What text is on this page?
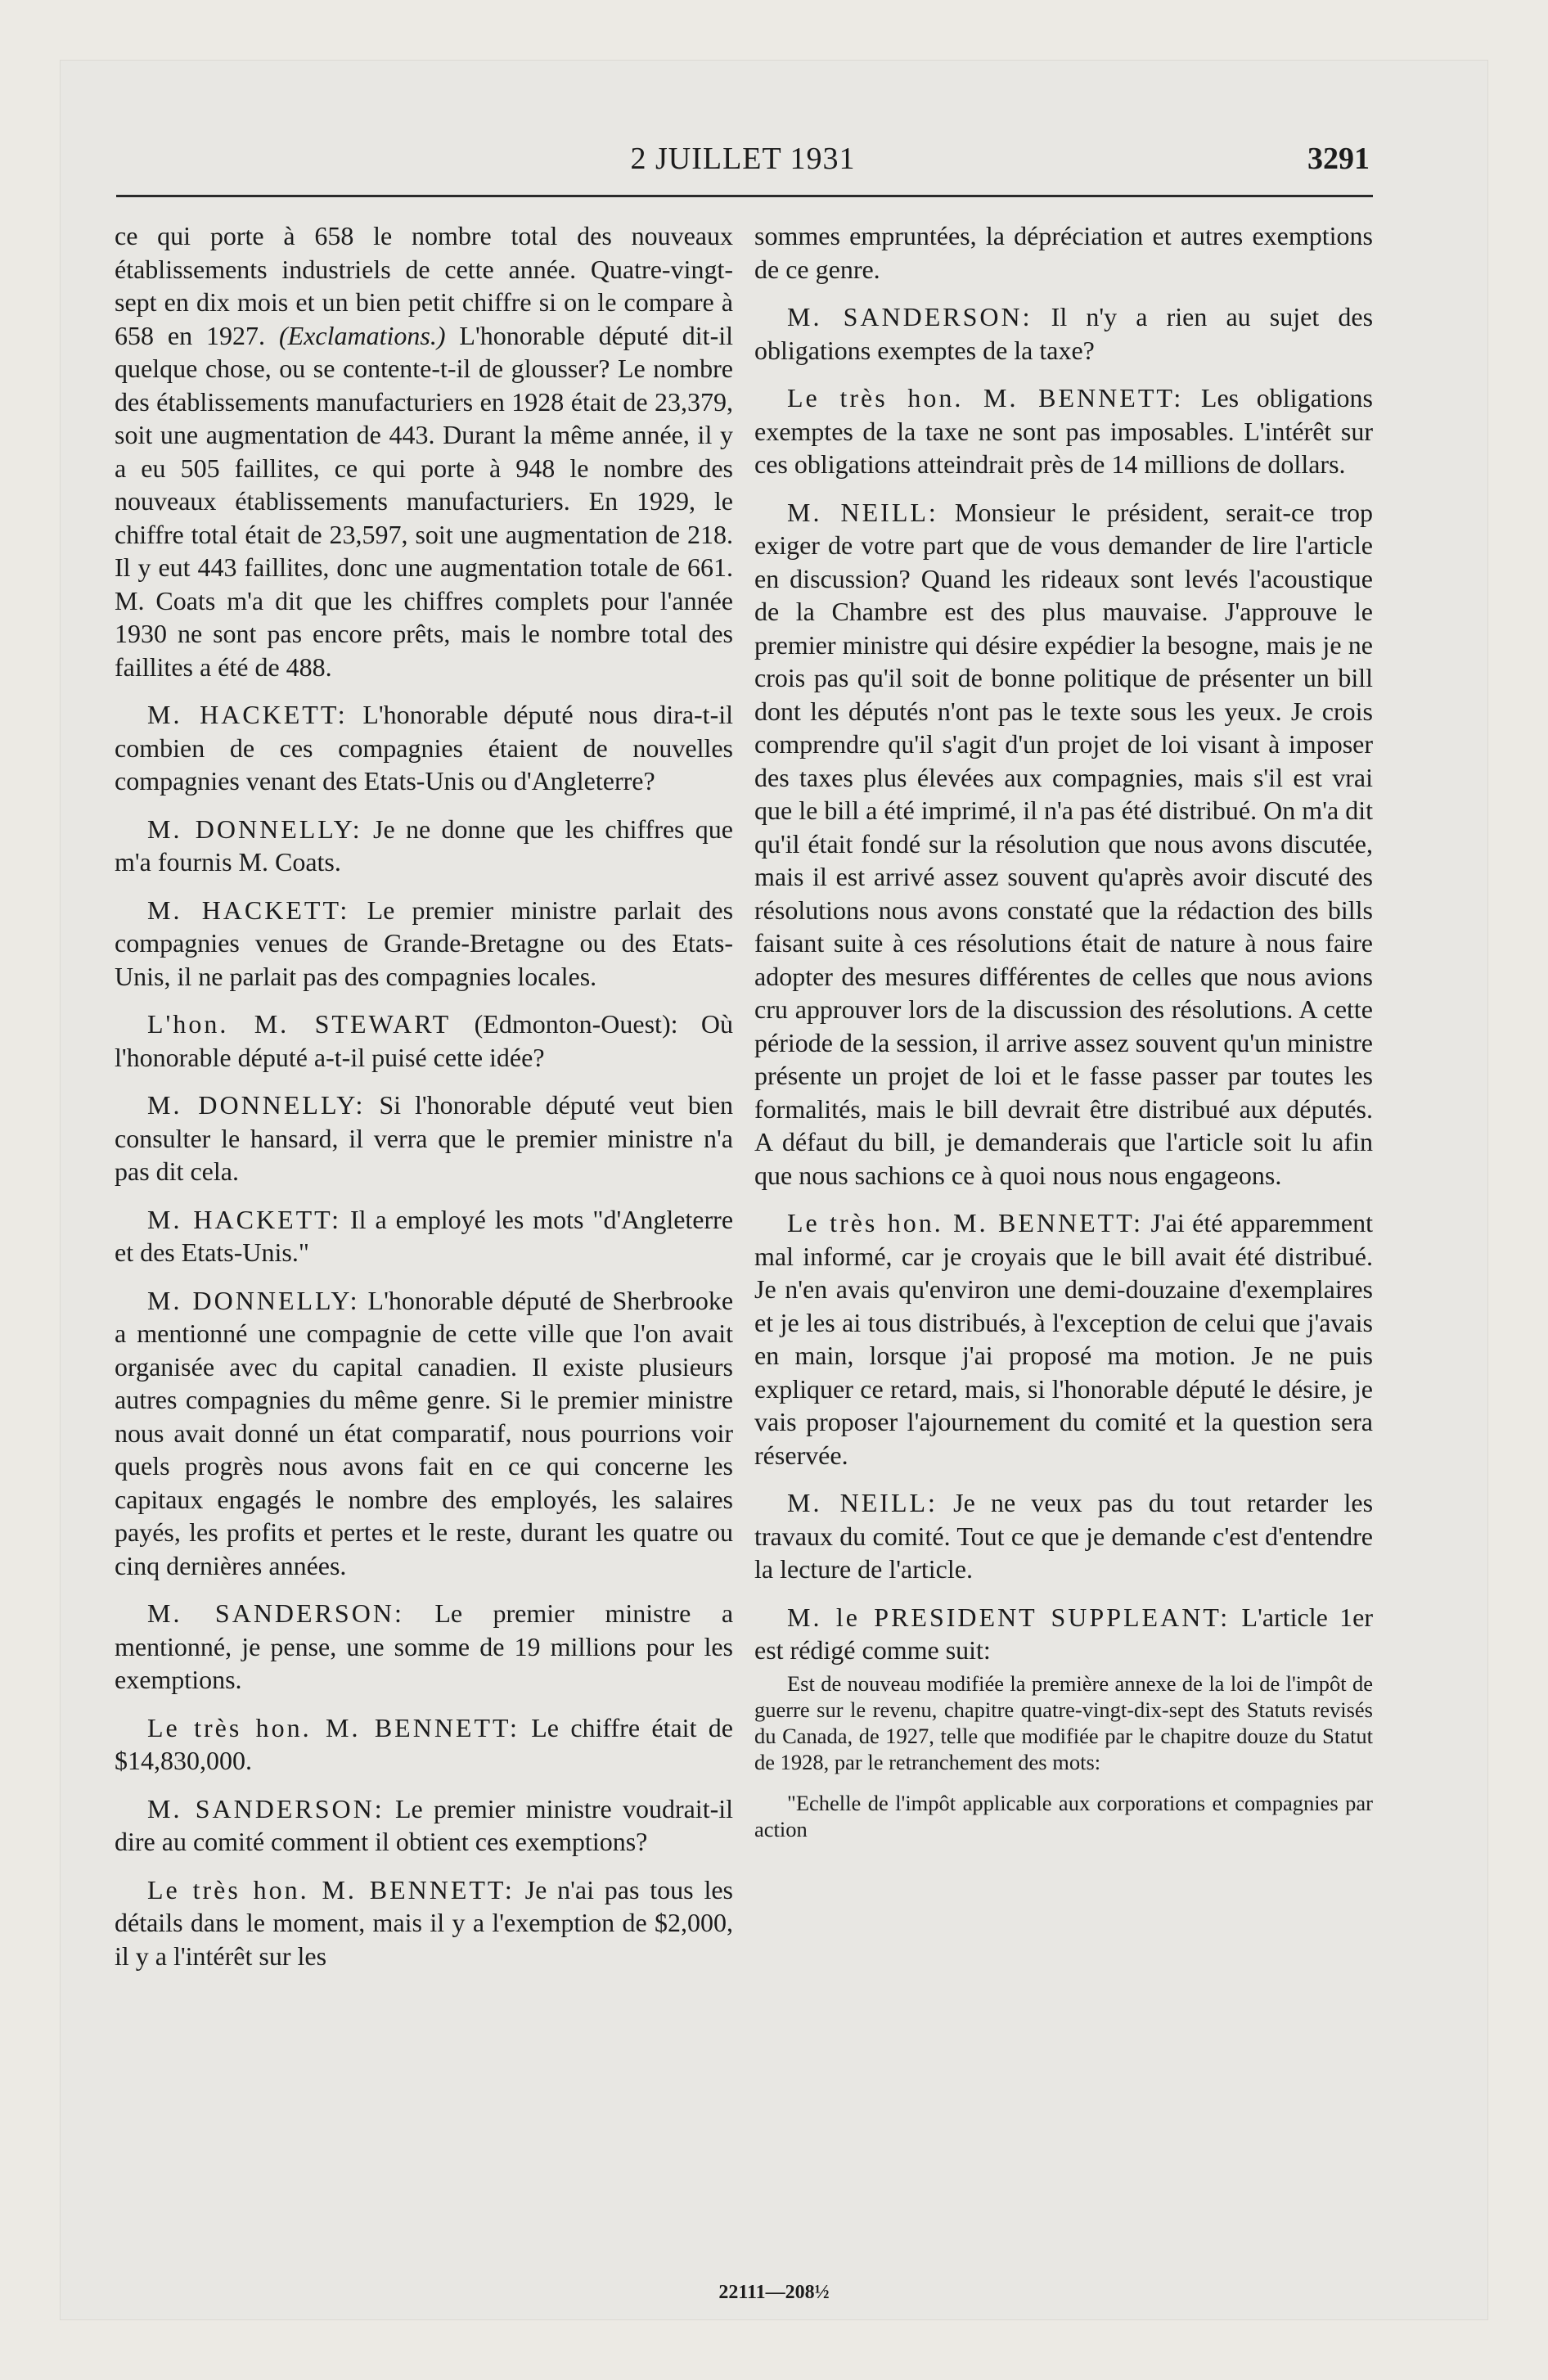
2 JUILLET 1931	3291

ce qui porte à 658 le nombre total des nouveaux établissements industriels de cette année. Quatre-vingt-sept en dix mois et un bien petit chiffre si on le compare à 658 en 1927. (Exclamations.) L'honorable député dit-il quelque chose, ou se contente-t-il de glousser? Le nombre des établissements manufacturiers en 1928 était de 23,379, soit une augmentation de 443. Durant la même année, il y a eu 505 faillites, ce qui porte à 948 le nombre des nouveaux établissements manufacturiers. En 1929, le chiffre total était de 23,597, soit une augmentation de 218. Il y eut 443 faillites, donc une augmentation totale de 661. M. Coats m'a dit que les chiffres complets pour l'année 1930 ne sont pas encore prêts, mais le nombre total des faillites a été de 488.

M. HACKETT: L'honorable député nous dira-t-il combien de ces compagnies étaient de nouvelles compagnies venant des Etats-Unis ou d'Angleterre?

M. DONNELLY: Je ne donne que les chiffres que m'a fournis M. Coats.

M. HACKETT: Le premier ministre parlait des compagnies venues de Grande-Bretagne ou des Etats-Unis, il ne parlait pas des compagnies locales.

L'hon. M. STEWART (Edmonton-Ouest): Où l'honorable député a-t-il puisé cette idée?

M. DONNELLY: Si l'honorable député veut bien consulter le hansard, il verra que le premier ministre n'a pas dit cela.

M. HACKETT: Il a employé les mots "d'Angleterre et des Etats-Unis."

M. DONNELLY: L'honorable député de Sherbrooke a mentionné une compagnie de cette ville que l'on avait organisée avec du capital canadien. Il existe plusieurs autres compagnies du même genre. Si le premier ministre nous avait donné un état comparatif, nous pourrions voir quels progrès nous avons fait en ce qui concerne les capitaux engagés le nombre des employés, les salaires payés, les profits et pertes et le reste, durant les quatre ou cinq dernières années.

M. SANDERSON: Le premier ministre a mentionné, je pense, une somme de 19 millions pour les exemptions.

Le très hon. M. BENNETT: Le chiffre était de $14,830,000.

M. SANDERSON: Le premier ministre voudrait-il dire au comité comment il obtient ces exemptions?

Le très hon. M. BENNETT: Je n'ai pas tous les détails dans le moment, mais il y a l'exemption de $2,000, il y a l'intérêt sur les

sommes empruntées, la dépréciation et autres exemptions de ce genre.

M. SANDERSON: Il n'y a rien au sujet des obligations exemptes de la taxe?

Le très hon. M. BENNETT: Les obligations exemptes de la taxe ne sont pas imposables. L'intérêt sur ces obligations atteindrait près de 14 millions de dollars.

M. NEILL: Monsieur le président, serait-ce trop exiger de votre part que de vous demander de lire l'article en discussion? Quand les rideaux sont levés l'acoustique de la Chambre est des plus mauvaise. J'approuve le premier ministre qui désire expédier la besogne, mais je ne crois pas qu'il soit de bonne politique de présenter un bill dont les députés n'ont pas le texte sous les yeux. Je crois comprendre qu'il s'agit d'un projet de loi visant à imposer des taxes plus élevées aux compagnies, mais s'il est vrai que le bill a été imprimé, il n'a pas été distribué. On m'a dit qu'il était fondé sur la résolution que nous avons discutée, mais il est arrivé assez souvent qu'après avoir discuté des résolutions nous avons constaté que la rédaction des bills faisant suite à ces résolutions était de nature à nous faire adopter des mesures différentes de celles que nous avions cru approuver lors de la discussion des résolutions. A cette période de la session, il arrive assez souvent qu'un ministre présente un projet de loi et le fasse passer par toutes les formalités, mais le bill devrait être distribué aux députés. A défaut du bill, je demanderais que l'article soit lu afin que nous sachions ce à quoi nous nous engageons.

Le très hon. M. BENNETT: J'ai été apparemment mal informé, car je croyais que le bill avait été distribué. Je n'en avais qu'environ une demi-douzaine d'exemplaires et je les ai tous distribués, à l'exception de celui que j'avais en main, lorsque j'ai proposé ma motion. Je ne puis expliquer ce retard, mais, si l'honorable député le désire, je vais proposer l'ajournement du comité et la question sera réservée.

M. NEILL: Je ne veux pas du tout retarder les travaux du comité. Tout ce que je demande c'est d'entendre la lecture de l'article.

M. le PRESIDENT SUPPLEANT: L'article 1er est rédigé comme suit:

Est de nouveau modifiée la première annexe de la loi de l'impôt de guerre sur le revenu, chapitre quatre-vingt-dix-sept des Statuts revisés du Canada, de 1927, telle que modifiée par le chapitre douze du Statut de 1928, par le retranchement des mots:

"Echelle de l'impôt applicable aux corporations et compagnies par action

22111—208½
